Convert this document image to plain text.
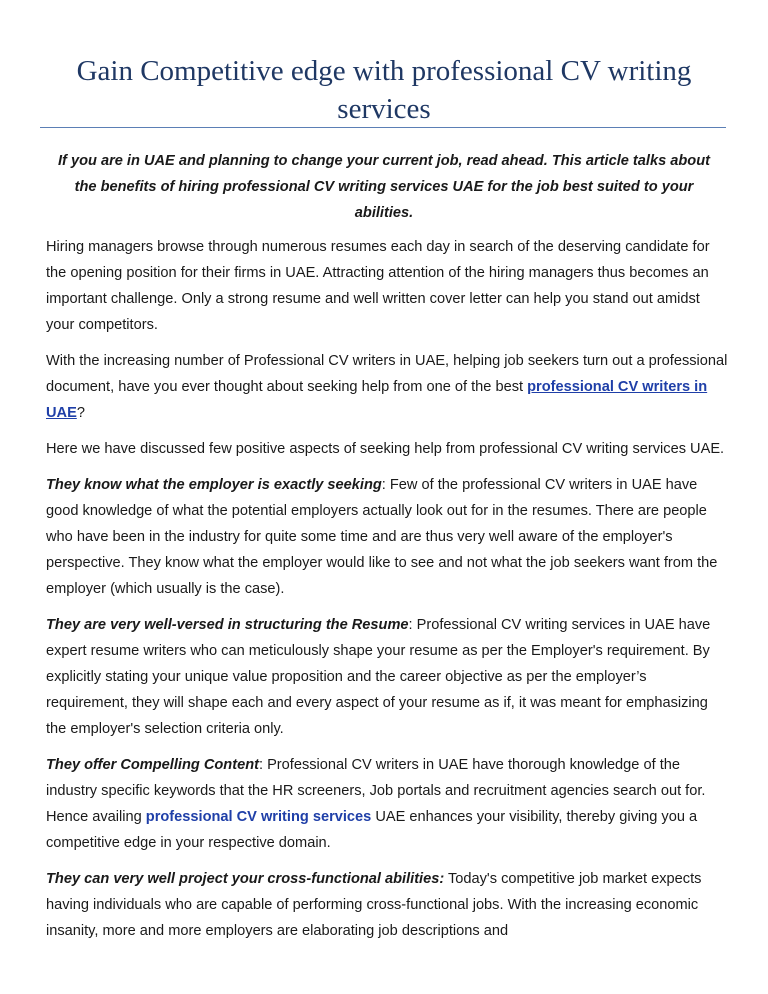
Gain Competitive edge with professional CV writing services

If you are in UAE and planning to change your current job, read ahead. This article talks about the benefits of hiring professional CV writing services UAE for the job best suited to your abilities.

Hiring managers browse through numerous resumes each day in search of the deserving candidate for the opening position for their firms in UAE. Attracting attention of the hiring managers thus becomes an important challenge. Only a strong resume and well written cover letter can help you stand out amidst your competitors.

With the increasing number of Professional CV writers in UAE, helping job seekers turn out a professional document, have you ever thought about seeking help from one of the best professional CV writers in UAE?

Here we have discussed few positive aspects of seeking help from professional CV writing services UAE.

They know what the employer is exactly seeking: Few of the professional CV writers in UAE have good knowledge of what the potential employers actually look out for in the resumes. There are people who have been in the industry for quite some time and are thus very well aware of the employer's perspective. They know what the employer would like to see and not what the job seekers want from the employer (which usually is the case).

They are very well-versed in structuring the Resume: Professional CV writing services in UAE have expert resume writers who can meticulously shape your resume as per the Employer's requirement. By explicitly stating your unique value proposition and the career objective as per the employer’s requirement, they will shape each and every aspect of your resume as if, it was meant for emphasizing the employer's selection criteria only.

They offer Compelling Content: Professional CV writers in UAE have thorough knowledge of the industry specific keywords that the HR screeners, Job portals and recruitment agencies search out for. Hence availing professional CV writing services UAE enhances your visibility, thereby giving you a competitive edge in your respective domain.

They can very well project your cross-functional abilities: Today's competitive job market expects having individuals who are capable of performing cross-functional jobs. With the increasing economic insanity, more and more employers are elaborating job descriptions and
